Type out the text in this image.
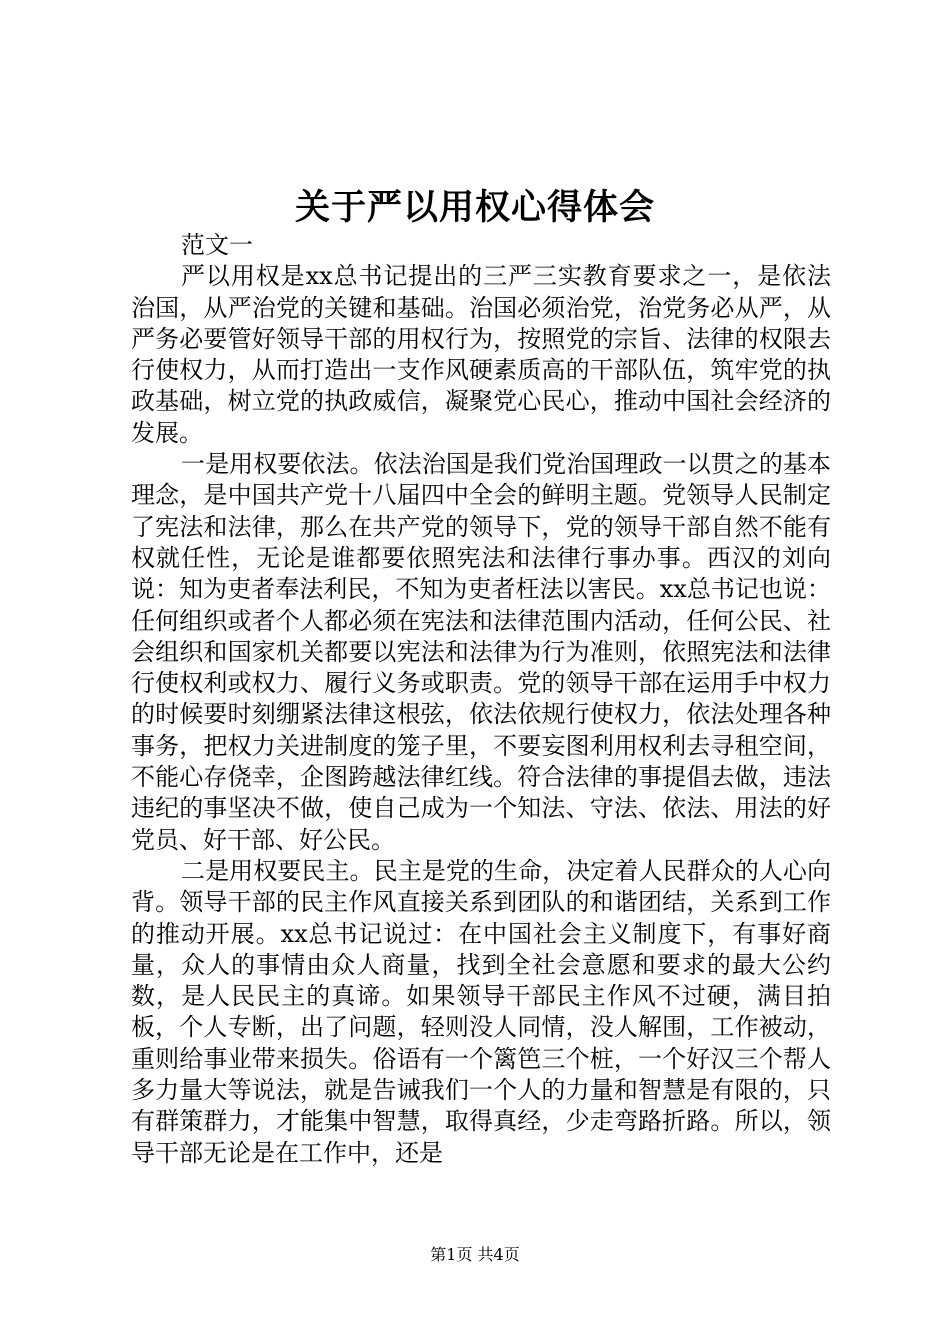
关于严以用权心得体会

范文一

严以用权是xx总书记提出的三严三实教育要求之一，是依法治国，从严治党的关键和基础。治国必须治党，治党务必从严，从严务必要管好领导干部的用权行为，按照党的宗旨、法律的权限去行使权力，从而打造出一支作风硬素质高的干部队伍，筑牢党的执政基础，树立党的执政威信，凝聚党心民心，推动中国社会经济的发展。

一是用权要依法。依法治国是我们党治国理政一以贯之的基本理念，是中国共产党十八届四中全会的鲜明主题。党领导人民制定了宪法和法律，那么在共产党的领导下，党的领导干部自然不能有权就任性，无论是谁都要依照宪法和法律行事办事。西汉的刘向说：知为吏者奉法利民，不知为吏者枉法以害民。xx总书记也说：任何组织或者个人都必须在宪法和法律范围内活动，任何公民、社会组织和国家机关都要以宪法和法律为行为准则，依照宪法和法律行使权利或权力、履行义务或职责。党的领导干部在运用手中权力的时候要时刻绷紧法律这根弦，依法依规行使权力，依法处理各种事务，把权力关进制度的笼子里，不要妄图利用权利去寻租空间，不能心存侥幸，企图跨越法律红线。符合法律的事提倡去做，违法违纪的事坚决不做，使自己成为一个知法、守法、依法、用法的好党员、好干部、好公民。

二是用权要民主。民主是党的生命，决定着人民群众的人心向背。领导干部的民主作风直接关系到团队的和谐团结，关系到工作的推动开展。xx总书记说过：在中国社会主义制度下，有事好商量，众人的事情由众人商量，找到全社会意愿和要求的最大公约数，是人民民主的真谛。如果领导干部民主作风不过硬，满目拍板，个人专断，出了问题，轻则没人同情，没人解围，工作被动，重则给事业带来损失。俗语有一个篱笆三个桩，一个好汉三个帮人多力量大等说法，就是告诫我们一个人的力量和智慧是有限的，只有群策群力，才能集中智慧，取得真经，少走弯路折路。所以，领导干部无论是在工作中，还是

第1页 共4页
